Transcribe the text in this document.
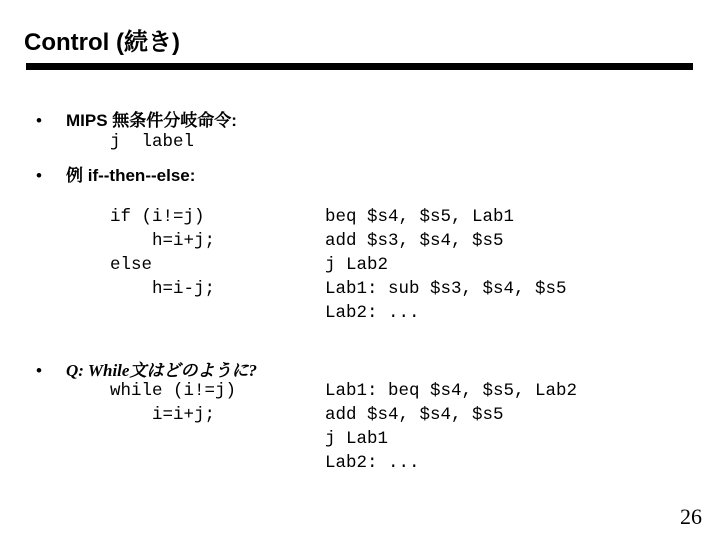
Control (続き)
• MIPS 無条件分岐命令:
j  label
• 例 if--then--else:
if (i!=j)
h=i+j;
else
h=i-j;
beq $s4, $s5, Lab1
add $s3, $s4, $s5
j Lab2
Lab1: sub $s3, $s4, $s5
Lab2: ...
• Q: While文はどのように?
while (i!=j)
i=i+j;
Lab1: beq $s4, $s5, Lab2
add $s4, $s4, $s5
j Lab1
Lab2: ...
26
